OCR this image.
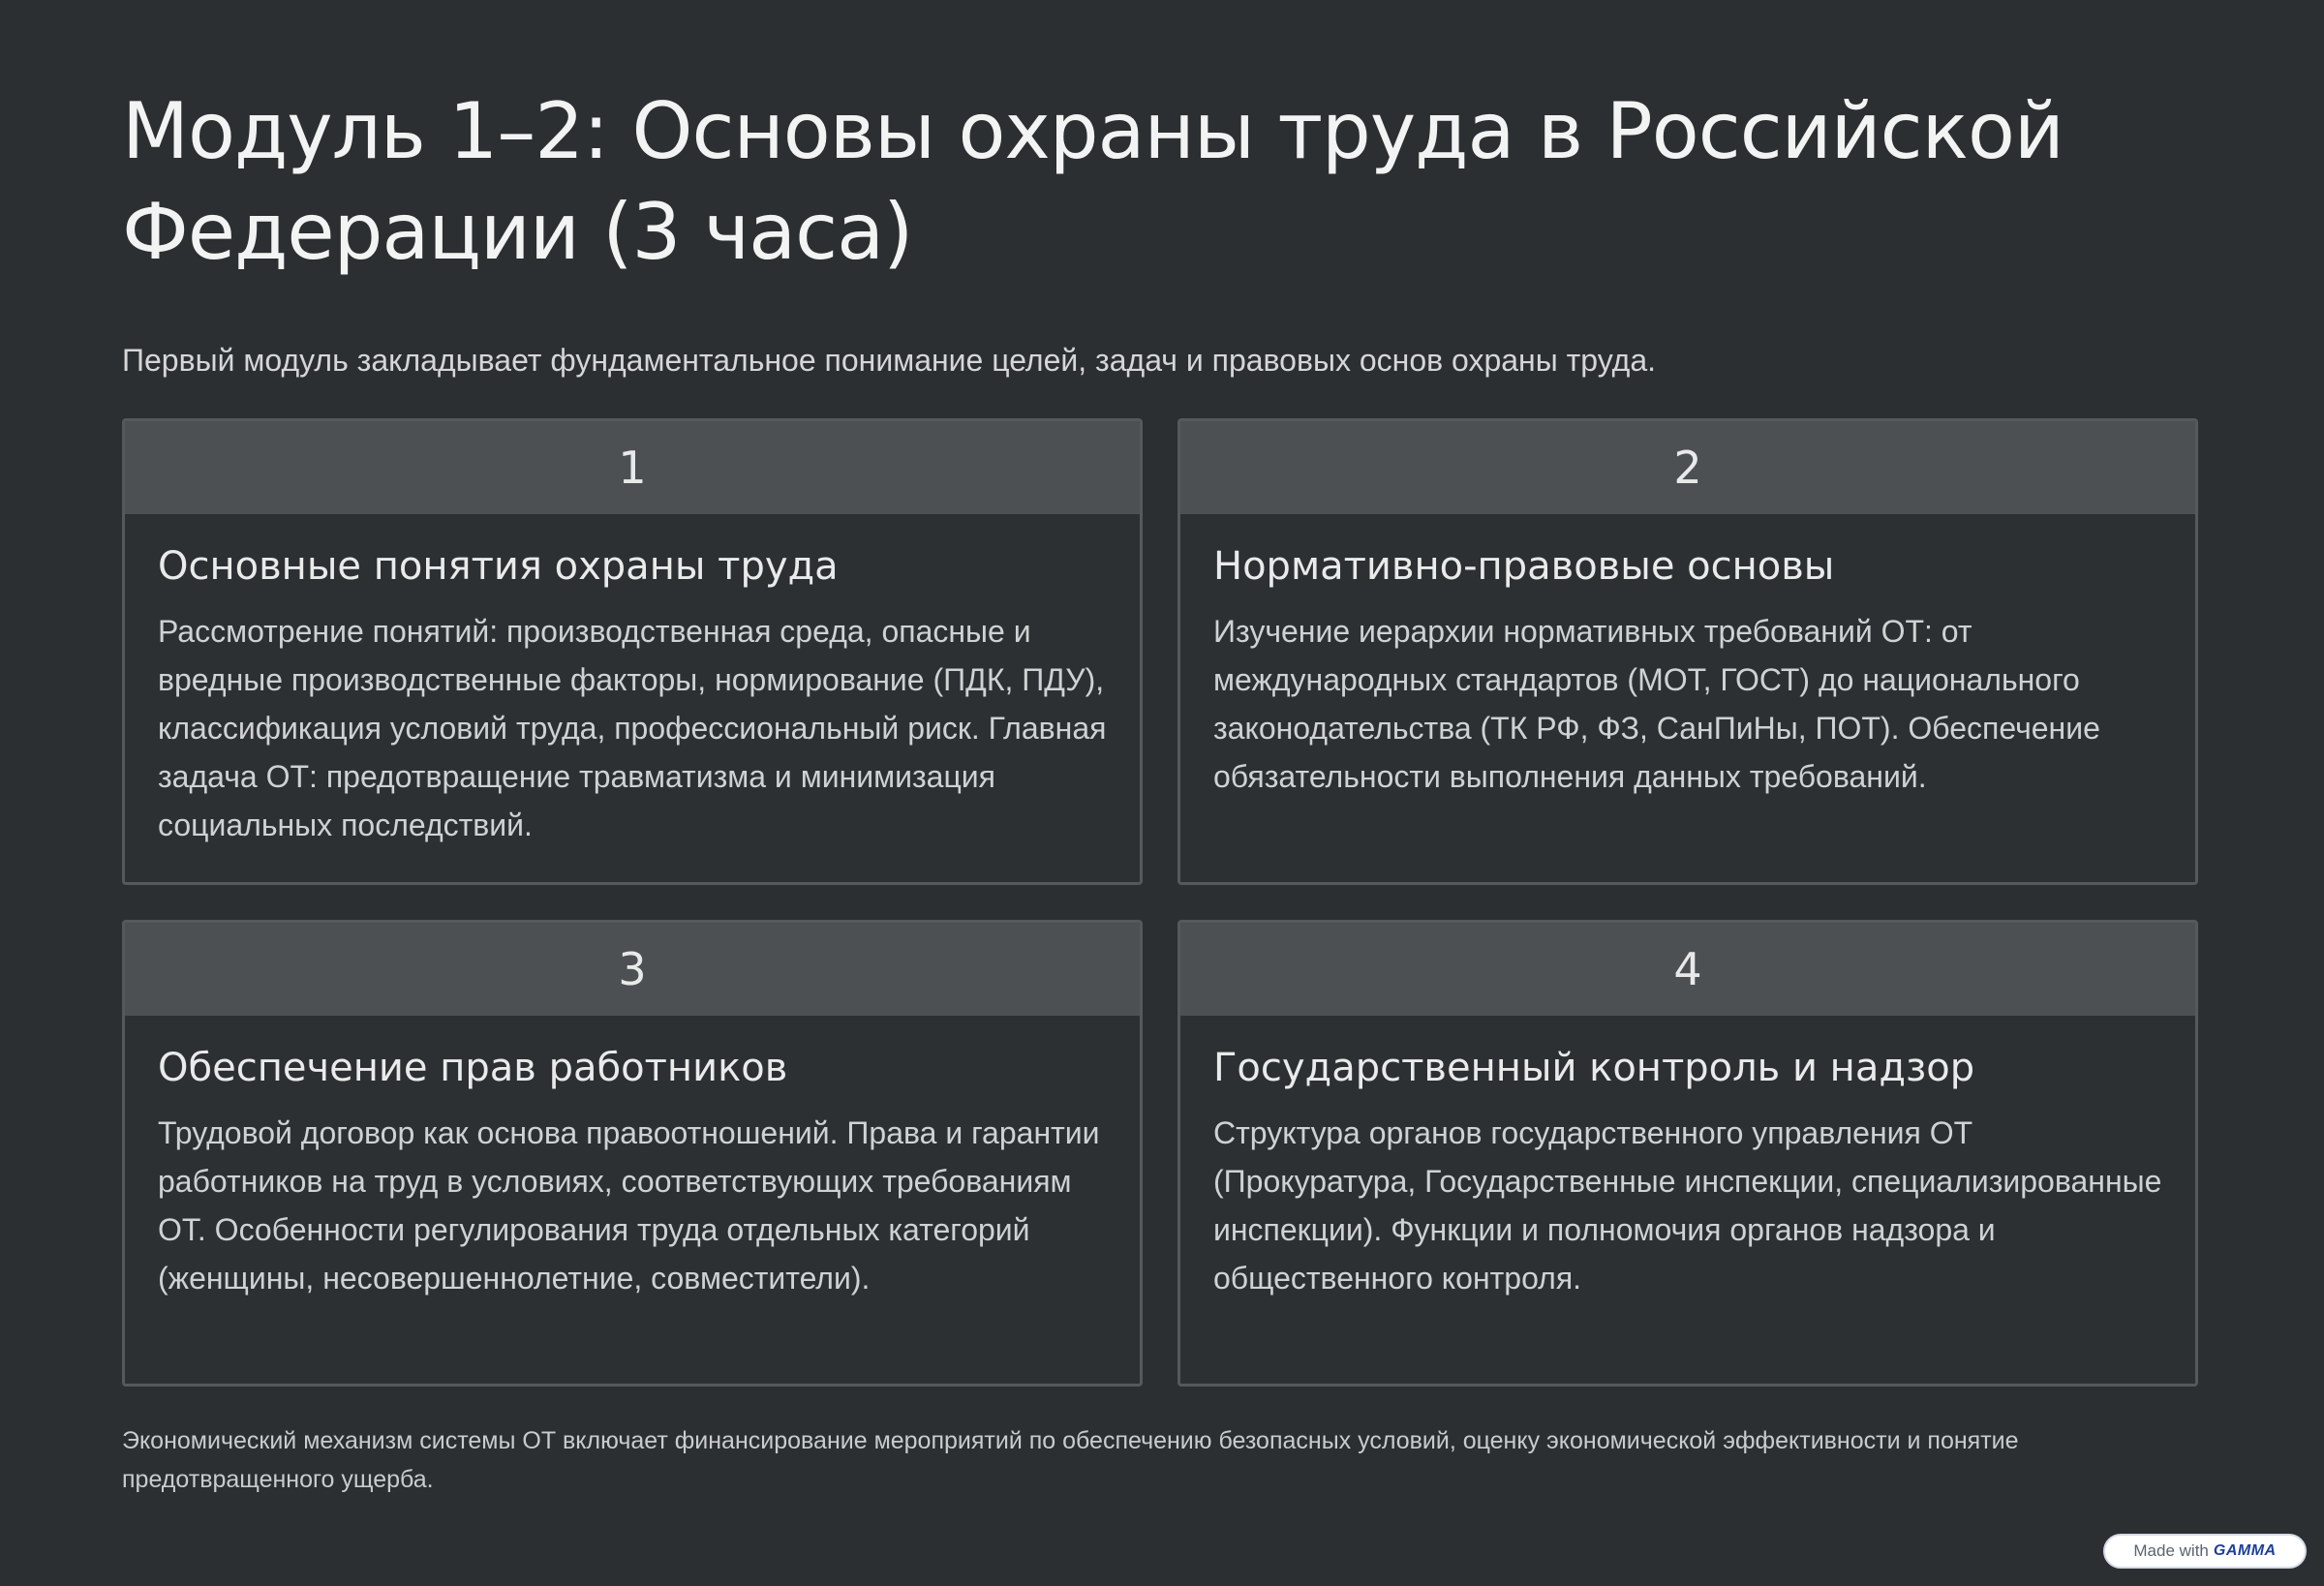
Модуль 1–2: Основы охраны труда в Российской Федерации (3 часа)

Первый модуль закладывает фундаментальное понимание целей, задач и правовых основ охраны труда.

1
Основные понятия охраны труда

Рассмотрение понятий: производственная среда, опасные и вредные производственные факторы, нормирование (ПДК, ПДУ), классификация условий труда, профессиональный риск. Главная задача ОТ: предотвращение травматизма и минимизация социальных последствий.

2
Нормативно-правовые основы

Изучение иерархии нормативных требований ОТ: от международных стандартов (МОТ, ГОСТ) до национального законодательства (ТК РФ, ФЗ, СанПиНы, ПОТ). Обеспечение обязательности выполнения данных требований.

3
Обеспечение прав работников

Трудовой договор как основа правоотношений. Права и гарантии работников на труд в условиях, соответствующих требованиям ОТ. Особенности регулирования труда отдельных категорий (женщины, несовершеннолетние, совместители).

4
Государственный контроль и надзор

Структура органов государственного управления ОТ (Прокуратура, Государственные инспекции, специализированные инспекции). Функции и полномочия органов надзора и общественного контроля.

Экономический механизм системы ОТ включает финансирование мероприятий по обеспечению безопасных условий, оценку экономической эффективности и понятие предотвращенного ущерба.

Made with GAMMA
